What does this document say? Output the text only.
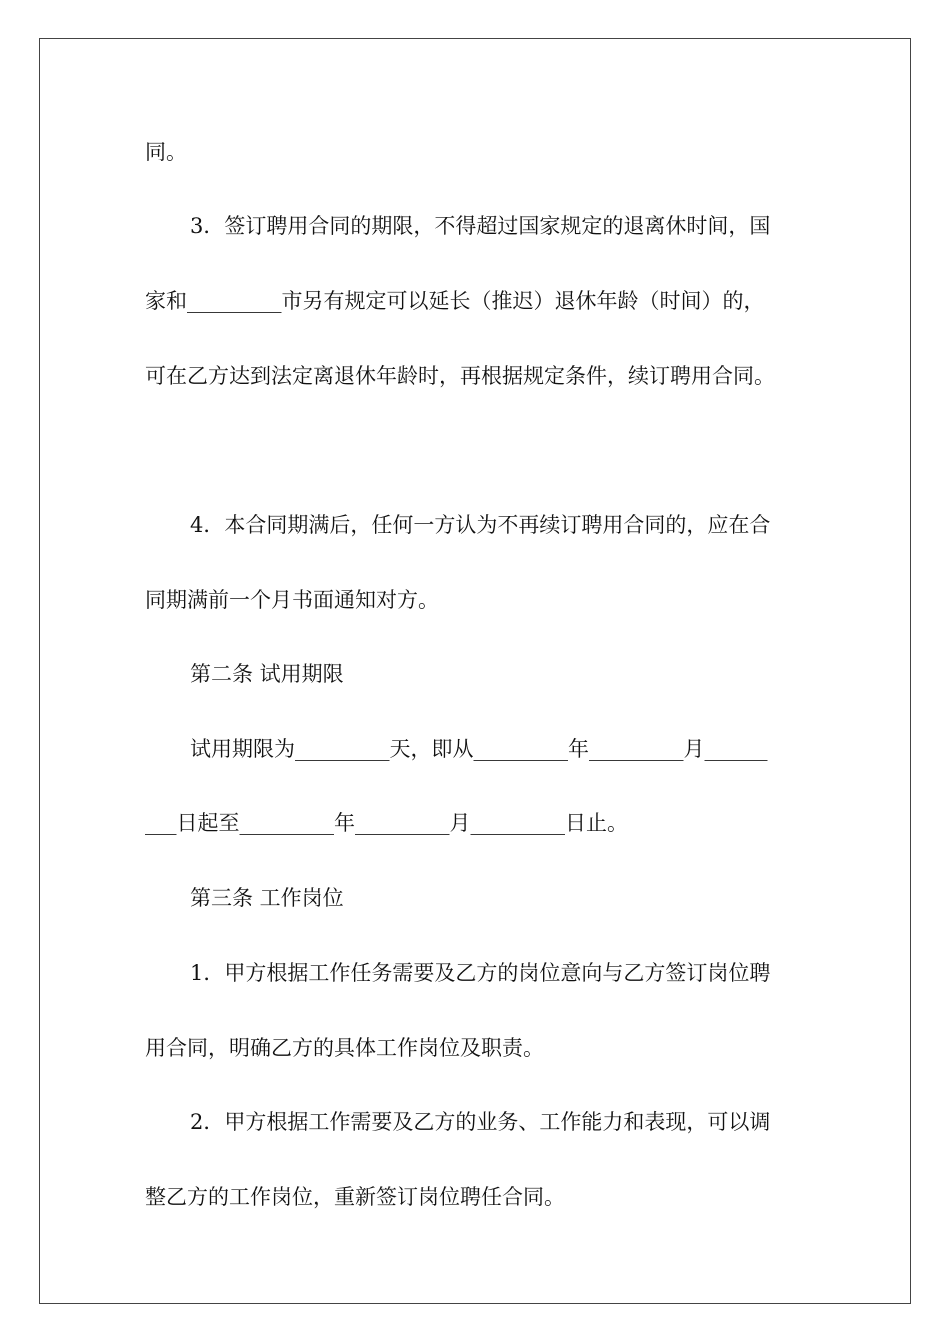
同。
3．签订聘用合同的期限，不得超过国家规定的退离休时间，国
家和_________市另有规定可以延长（推迟）退休年龄（时间）的，
可在乙方达到法定离退休年龄时，再根据规定条件，续订聘用合同。
4．本合同期满后，任何一方认为不再续订聘用合同的，应在合
同期满前一个月书面通知对方。
第二条 试用期限
试用期限为_________天，即从_________年_________月______
___日起至_________年_________月_________日止。
第三条 工作岗位
1．甲方根据工作任务需要及乙方的岗位意向与乙方签订岗位聘
用合同，明确乙方的具体工作岗位及职责。
2．甲方根据工作需要及乙方的业务、工作能力和表现，可以调
整乙方的工作岗位，重新签订岗位聘任合同。
